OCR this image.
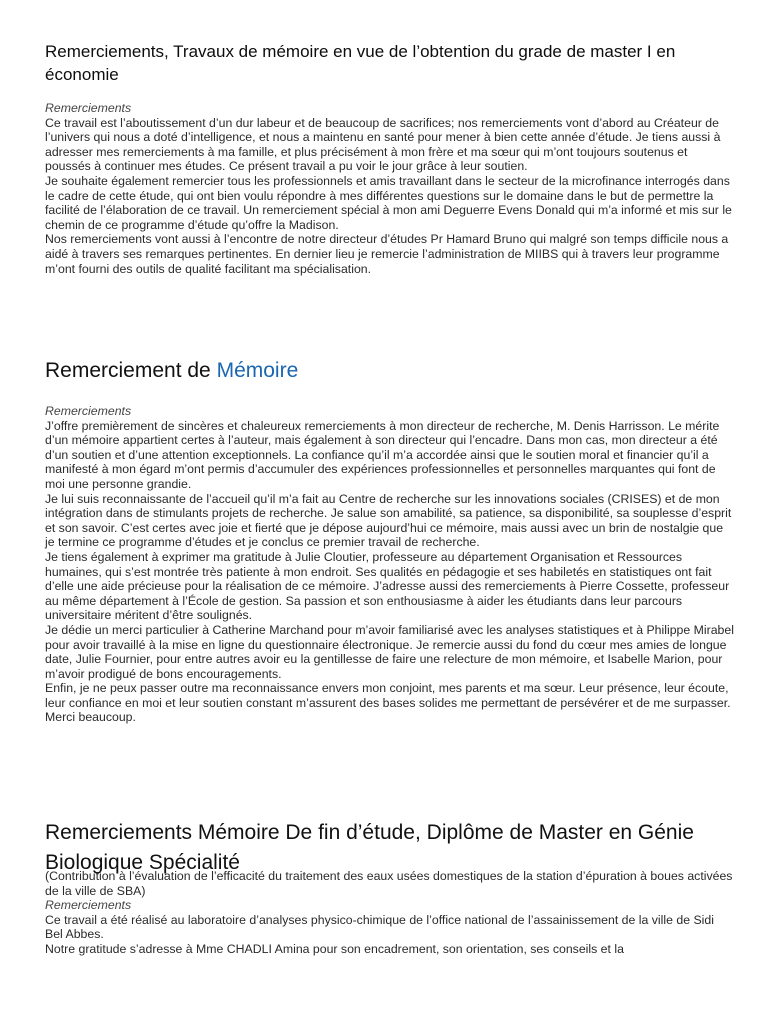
Remerciements, Travaux de mémoire en vue de l’obtention du grade de master I en économie

Remerciements

Ce travail est l’aboutissement d’un dur labeur et de beaucoup de sacrifices; nos remerciements vont d’abord au Créateur de l’univers qui nous a doté d’intelligence, et nous a maintenu en santé pour mener à bien cette année d’étude. Je tiens aussi à adresser mes remerciements à ma famille, et plus précisément à mon frère et ma sœur qui m’ont toujours soutenus et poussés à continuer mes études. Ce présent travail a pu voir le jour grâce à leur soutien.

Je souhaite également remercier tous les professionnels et amis travaillant dans le secteur de la microfinance interrogés dans le cadre de cette étude, qui ont bien voulu répondre à mes différentes questions sur le domaine dans le but de permettre la facilité de l’élaboration de ce travail. Un remerciement spécial à mon ami Deguerre Evens Donald qui m’a informé et mis sur le chemin de ce programme d’étude qu’offre la Madison.

Nos remerciements vont aussi à l’encontre de notre directeur d’études Pr Hamard Bruno qui malgré son temps difficile nous a aidé à travers ses remarques pertinentes. En dernier lieu je remercie l’administration de MIIBS qui à travers leur programme m’ont fourni des outils de qualité facilitant ma spécialisation.

Remerciement de Mémoire

Remerciements

J’offre premièrement de sincères et chaleureux remerciements à mon directeur de recherche, M. Denis Harrisson. Le mérite d’un mémoire appartient certes à l’auteur, mais également à son directeur qui l’encadre. Dans mon cas, mon directeur a été d’un soutien et d’une attention exceptionnels. La confiance qu’il m’a accordée ainsi que le soutien moral et financier qu’il a manifesté à mon égard m’ont permis d’accumuler des expériences professionnelles et personnelles marquantes qui font de moi une personne grandie.

Je lui suis reconnaissante de l’accueil qu’il m’a fait au Centre de recherche sur les innovations sociales (CRISES) et de mon intégration dans de stimulants projets de recherche. Je salue son amabilité, sa patience, sa disponibilité, sa souplesse d’esprit et son savoir. C’est certes avec joie et fierté que je dépose aujourd’hui ce mémoire, mais aussi avec un brin de nostalgie que je termine ce programme d’études et je conclus ce premier travail de recherche.

Je tiens également à exprimer ma gratitude à Julie Cloutier, professeure au département Organisation et Ressources humaines, qui s’est montrée très patiente à mon endroit. Ses qualités en pédagogie et ses habiletés en statistiques ont fait d’elle une aide précieuse pour la réalisation de ce mémoire. J’adresse aussi des remerciements à Pierre Cossette, professeur au même département à l’École de gestion. Sa passion et son enthousiasme à aider les étudiants dans leur parcours universitaire méritent d’être soulignés.

Je dédie un merci particulier à Catherine Marchand pour m’avoir familiarisé avec les analyses statistiques et à Philippe Mirabel pour avoir travaillé à la mise en ligne du questionnaire électronique. Je remercie aussi du fond du cœur mes amies de longue date, Julie Fournier, pour entre autres avoir eu la gentillesse de faire une relecture de mon mémoire, et Isabelle Marion, pour m’avoir prodigué de bons encouragements.

Enfin, je ne peux passer outre ma reconnaissance envers mon conjoint, mes parents et ma sœur. Leur présence, leur écoute, leur confiance en moi et leur soutien constant m’assurent des bases solides me permettant de persévérer et de me surpasser.

Merci beaucoup.

Remerciements Mémoire De fin d’étude, Diplôme de Master en Génie Biologique Spécialité

(Contribution à l’évaluation de l’efficacité du traitement des eaux usées domestiques de la station d’épuration à boues activées de la ville de SBA)

Remerciements

Ce travail a été réalisé au laboratoire d’analyses physico-chimique de l’office national de l’assainissement de la ville de Sidi Bel Abbes.

Notre gratitude s’adresse à Mme CHADLI Amina pour son encadrement, son orientation, ses conseils et la
